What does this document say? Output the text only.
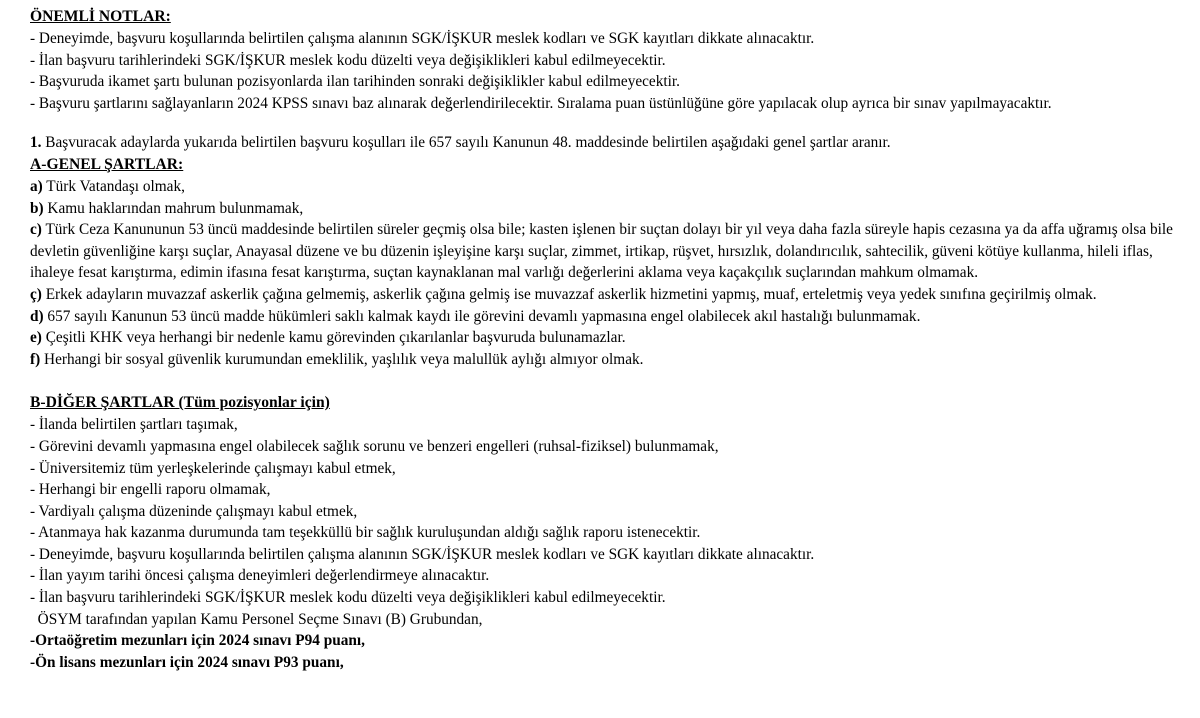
ÖNEMLİ NOTLAR:
- Deneyimde, başvuru koşullarında belirtilen çalışma alanının SGK/İŞKUR meslek kodları ve SGK kayıtları dikkate alınacaktır.
- İlan başvuru tarihlerindeki SGK/İŞKUR meslek kodu düzelti veya değişiklikleri kabul edilmeyecektir.
- Başvuruda ikamet şartı bulunan pozisyonlarda ilan tarihinden sonraki değişiklikler kabul edilmeyecektir.
- Başvuru şartlarını sağlayanların 2024 KPSS sınavı baz alınarak değerlendirilecektir. Sıralama puan üstünlüğüne göre yapılacak olup ayrıca bir sınav yapılmayacaktır.
1. Başvuracak adaylarda yukarıda belirtilen başvuru koşulları ile 657 sayılı Kanunun 48. maddesinde belirtilen aşağıdaki genel şartlar aranır.
A-GENEL ŞARTLAR:
a) Türk Vatandaşı olmak,
b) Kamu haklarından mahrum bulunmamak,
c) Türk Ceza Kanununun 53 üncü maddesinde belirtilen süreler geçmiş olsa bile; kasten işlenen bir suçtan dolayı bir yıl veya daha fazla süreyle hapis cezasına ya da affa uğramış olsa bile devletin güvenliğine karşı suçlar, Anayasal düzene ve bu düzenin işleyişine karşı suçlar, zimmet, irtikap, rüşvet, hırsızlık, dolandırıcılık, sahtecilik, güveni kötüye kullanma, hileli iflas, ihaleye fesat karıştırma, edimin ifasına fesat karıştırma, suçtan kaynaklanan mal varlığı değerlerini aklama veya kaçakçılık suçlarından mahkum olmamak.
ç) Erkek adayların muvazzaf askerlik çağına gelmemiş, askerlik çağına gelmiş ise muvazzaf askerlik hizmetini yapmış, muaf, erteletmiş veya yedek sınıfına geçirilmiş olmak.
d) 657 sayılı Kanunun 53 üncü madde hükümleri saklı kalmak kaydı ile görevini devamlı yapmasına engel olabilecek akıl hastalığı bulunmamak.
e) Çeşitli KHK veya herhangi bir nedenle kamu görevinden çıkarılanlar başvuruda bulunamazlar.
f) Herhangi bir sosyal güvenlik kurumundan emeklilik, yaşlılık veya malullük aylığı almıyor olmak.
B-DİĞER ŞARTLAR (Tüm pozisyonlar için)
- İlanda belirtilen şartları taşımak,
- Görevini devamlı yapmasına engel olabilecek sağlık sorunu ve benzeri engelleri (ruhsal-fiziksel) bulunmamak,
- Üniversitemiz tüm yerleşkelerinde çalışmayı kabul etmek,
- Herhangi bir engelli raporu olmamak,
- Vardiyalı çalışma düzeninde çalışmayı kabul etmek,
- Atanmaya hak kazanma durumunda tam teşekküllü bir sağlık kuruluşundan aldığı sağlık raporu istenecektir.
- Deneyimde, başvuru koşullarında belirtilen çalışma alanının SGK/İŞKUR meslek kodları ve SGK kayıtları dikkate alınacaktır.
- İlan yayım tarihi öncesi çalışma deneyimleri değerlendirmeye alınacaktır.
- İlan başvuru tarihlerindeki SGK/İŞKUR meslek kodu düzelti veya değişiklikleri kabul edilmeyecektir.
ÖSYM tarafından yapılan Kamu Personel Seçme Sınavı (B) Grubundan,
-Ortaöğretim mezunları için 2024 sınavı P94 puanı,
-Ön lisans mezunları için 2024 sınavı P93 puanı,
